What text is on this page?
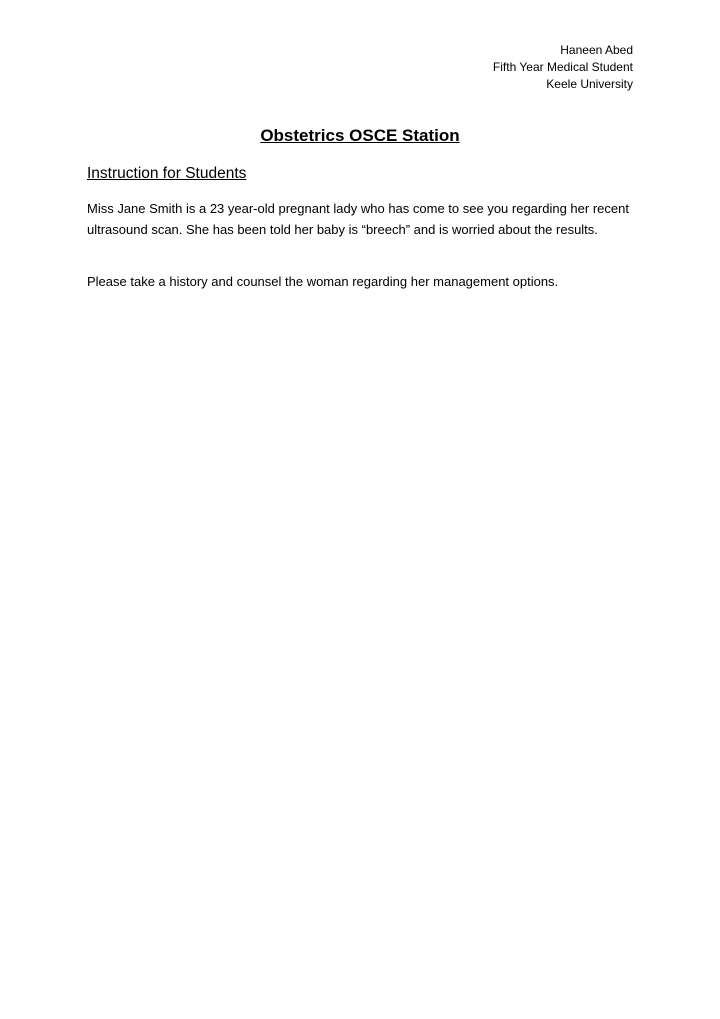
Haneen Abed
Fifth Year Medical Student
Keele University
Obstetrics OSCE Station
Instruction for Students

Miss Jane Smith is a 23 year-old pregnant lady who has come to see you regarding her recent ultrasound scan. She has been told her baby is “breech” and is worried about the results.

Please take a history and counsel the woman regarding her management options.
